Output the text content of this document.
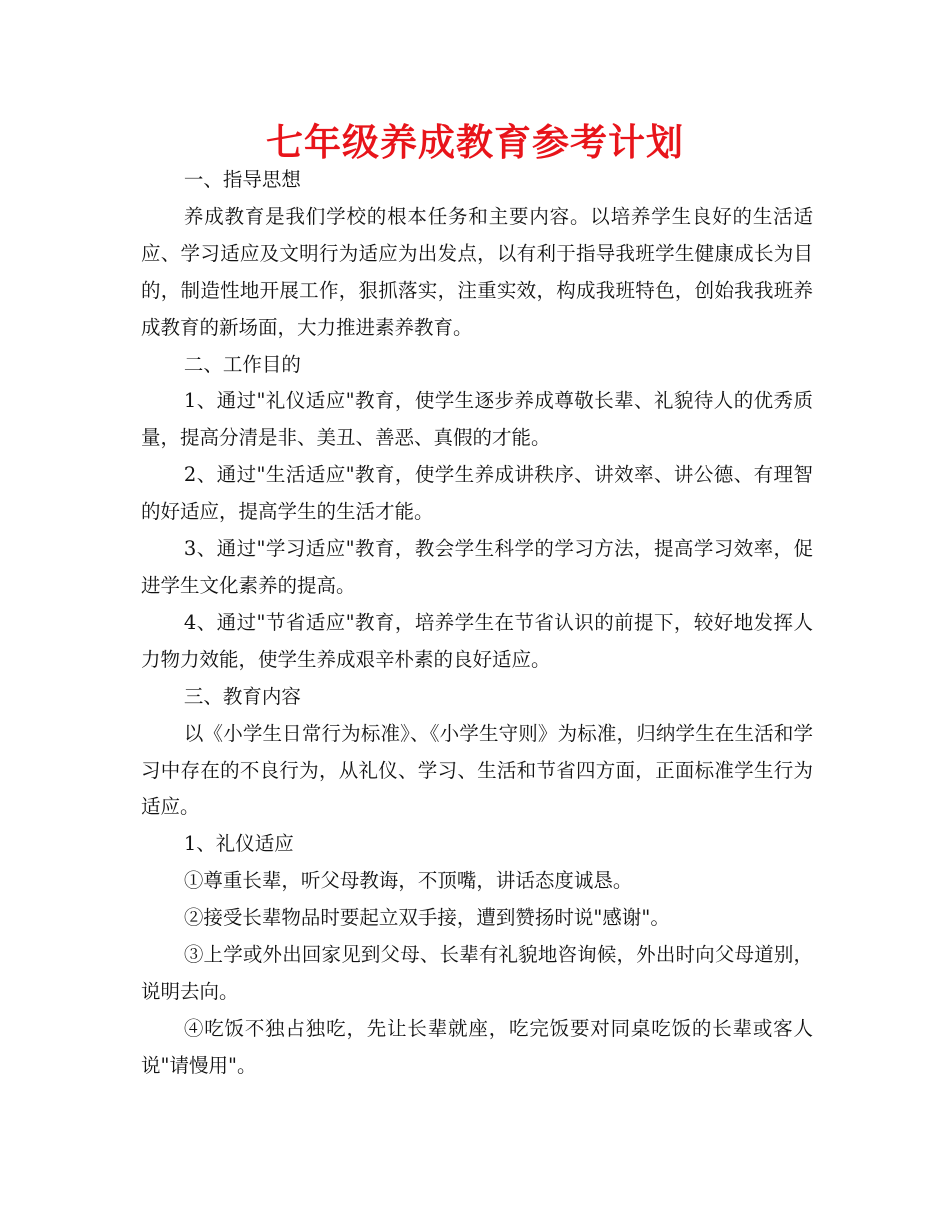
七年级养成教育参考计划

一、指导思想

养成教育是我们学校的根本任务和主要内容。以培养学生良好的生活适应、学习适应及文明行为适应为出发点，以有利于指导我班学生健康成长为目的，制造性地开展工作，狠抓落实，注重实效，构成我班特色，创始我我班养成教育的新场面，大力推进素养教育。

二、工作目的

1、通过"礼仪适应"教育，使学生逐步养成尊敬长辈、礼貌待人的优秀质量，提高分清是非、美丑、善恶、真假的才能。

2、通过"生活适应"教育，使学生养成讲秩序、讲效率、讲公德、有理智的好适应，提高学生的生活才能。

3、通过"学习适应"教育，教会学生科学的学习方法，提高学习效率，促进学生文化素养的提高。

4、通过"节省适应"教育，培养学生在节省认识的前提下，较好地发挥人力物力效能，使学生养成艰辛朴素的良好适应。

三、教育内容

以《小学生日常行为标准》、《小学生守则》为标准，归纳学生在生活和学习中存在的不良行为，从礼仪、学习、生活和节省四方面，正面标准学生行为适应。

1、礼仪适应

①尊重长辈，听父母教诲，不顶嘴，讲话态度诚恳。

②接受长辈物品时要起立双手接，遭到赞扬时说"感谢"。

③上学或外出回家见到父母、长辈有礼貌地咨询候，外出时向父母道别，说明去向。

④吃饭不独占独吃，先让长辈就座，吃完饭要对同桌吃饭的长辈或客人说"请慢用"。
